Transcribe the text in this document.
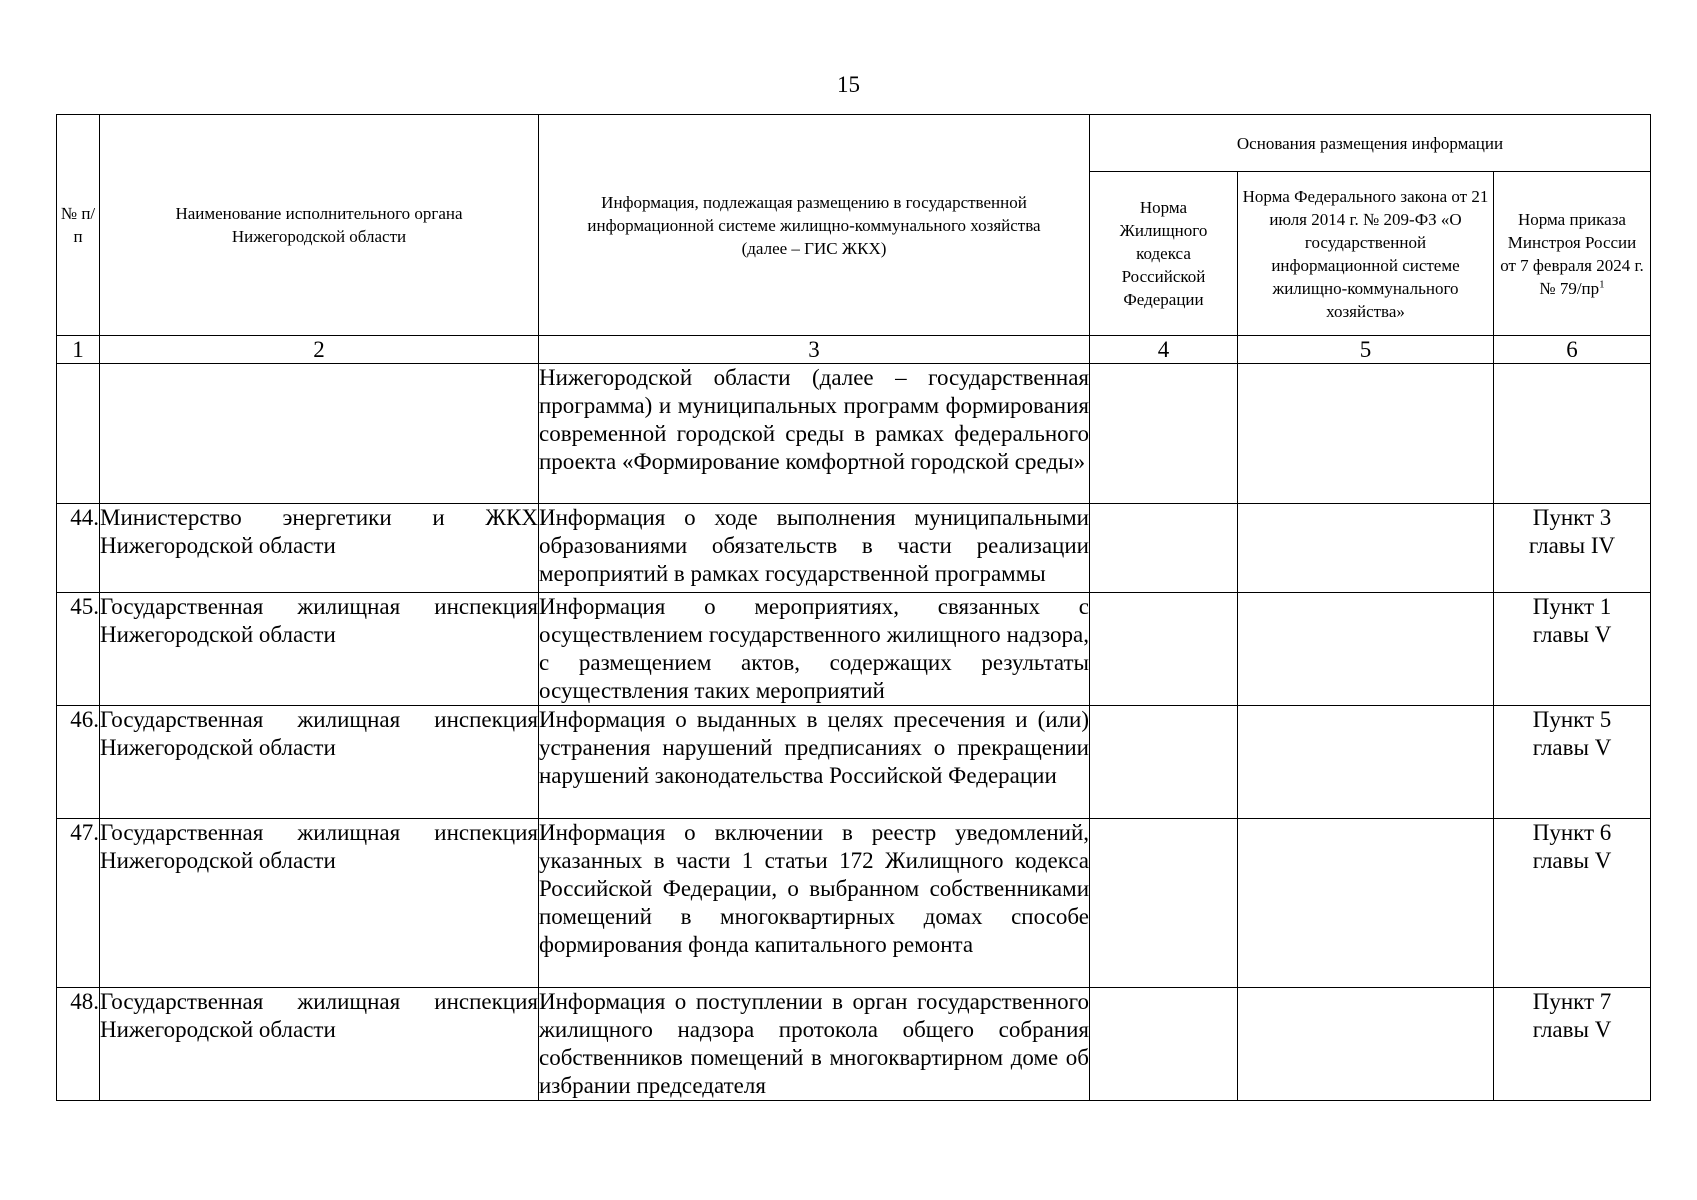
15
№ п/п	Наименование исполнительного органа Нижегородской области	Информация, подлежащая размещению в государственной информационной системе жилищно-коммунального хозяйства (далее – ГИС ЖКХ)	Основания размещения информации		
			Норма Жилищного кодекса Российской Федерации	Норма Федерального закона от 21 июля 2014 г. № 209-ФЗ «О государственной информационной системе жилищно-коммунального хозяйства»	Норма приказа Минстроя России от 7 февраля 2024 г. № $79/пр^1$
1	2	3	4	5	6
		Нижегородской области (далее – государственная программа) и муниципальных программ формирования современной городской среды в рамках федерального проекта «Формирование комфортной городской среды»			

44.	Министерство энергетики и ЖКХ Нижегородской области	Информация о ходе выполнения муниципальными образованиями обязательств в части реализации мероприятий в рамках государственной программы			Пункт 3
главы IV

45.	Государственная жилищная инспекция Нижегородской области	Информация о мероприятиях, связанных с осуществлением государственного жилищного надзора, с размещением актов, содержащих результаты осуществления таких мероприятий			Пункт 1
главы V

46.	Государственная жилищная инспекция Нижегородской области	Информация о выданных в целях пресечения и (или) устранения нарушений предписаниях о прекращении нарушений законодательства Российской Федерации			Пункт 5
главы V

47.	Государственная жилищная инспекция Нижегородской области	Информация о включении в реестр уведомлений, указанных в части 1 статьи 172 Жилищного кодекса Российской Федерации, о выбранном собственниками помещений в многоквартирных домах способе формирования фонда капитального ремонта			Пункт 6
главы V

48.	Государственная жилищная инспекция Нижегородской области	Информация о поступлении в орган государственного жилищного надзора протокола общего собрания собственников помещений в многоквартирном доме об избрании председателя			Пункт 7
главы V
